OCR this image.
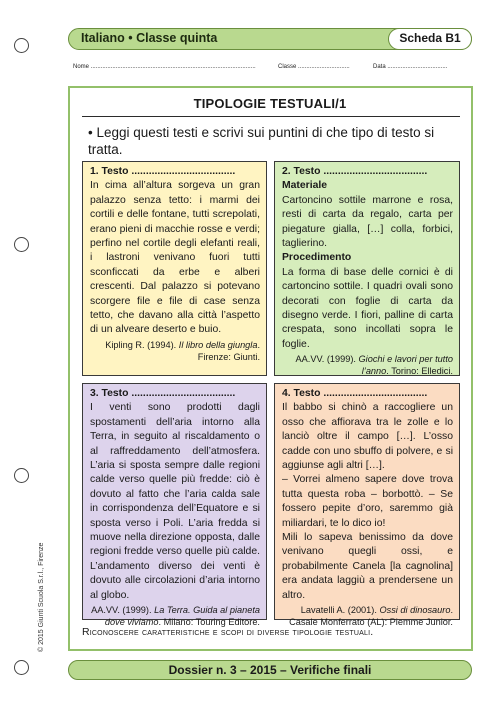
Italiano • Classe quinta	Scheda B1
Nome ...................................................................................................	Classe ...............................	Data ....................................
TIPOLOGIE TESTUALI/1
• Leggi questi testi e scrivi sui puntini di che tipo di testo si tratta.
1. Testo ....................................

In cima all’altura sorgeva un gran palazzo senza tetto: i marmi dei cortili e delle fontane, tutti screpolati, erano pieni di macchie rosse e verdi; perfino nel cortile degli elefanti reali, i lastroni venivano fuori tutti sconficcati da erbe e alberi crescenti. Dal palazzo si potevano scorgere file e file di case senza tetto, che davano alla città l’aspetto di un alveare deserto e buio.

Kipling R. (1994). Il libro della giungla. Firenze: Giunti.
2. Testo ....................................
Materiale

Cartoncino sottile marrone e rosa, resti di carta da regalo, carta per piegature gialla, […] colla, forbici, taglierino.

Procedimento

La forma di base delle cornici è di cartoncino sottile. I quadri ovali sono decorati con foglie di carta da disegno verde. I fiori, palline di carta crespata, sono incollati sopra le foglie.

AA.VV. (1999). Giochi e lavori per tutto l’anno. Torino: Elledici.
3. Testo ....................................

I venti sono prodotti dagli spostamenti dell’aria intorno alla Terra, in seguito al riscaldamento o al raffreddamento dell’atmosfera. L’aria si sposta sempre dalle regioni calde verso quelle più fredde: ciò è dovuto al fatto che l’aria calda sale in corrispondenza dell’Equatore e si sposta verso i Poli. L’aria fredda si muove nella direzione opposta, dalle regioni fredde verso quelle più calde. L’andamento diverso dei venti è dovuto alle circolazioni d’aria intorno al globo.

AA.VV. (1999). La Terra. Guida al pianeta dove viviamo. Milano: Touring Editore.
4. Testo ....................................

Il babbo si chinò a raccogliere un osso che affiorava tra le zolle e lo lanciò oltre il campo […]. L’osso cadde con uno sbuffo di polvere, e si aggiunse agli altri […].

– Vorrei almeno sapere dove trova tutta questa roba – borbottò. – Se fossero pepite d’oro, saremmo già miliardari, te lo dico io!

Mili lo sapeva benissimo da dove venivano quegli ossi, e probabilmente Canela [la cagnolina] era andata laggiù a prendersene un altro.

Lavatelli A. (2001). Ossi di dinosauro. Casale Monferrato (AL): Piemme Junior.
Riconoscere caratteristiche e scopi di diverse tipologie testuali.
© 2015 Giunti Scuola S.r.l., Firenze
Dossier n. 3 – 2015 – Verifiche finali
